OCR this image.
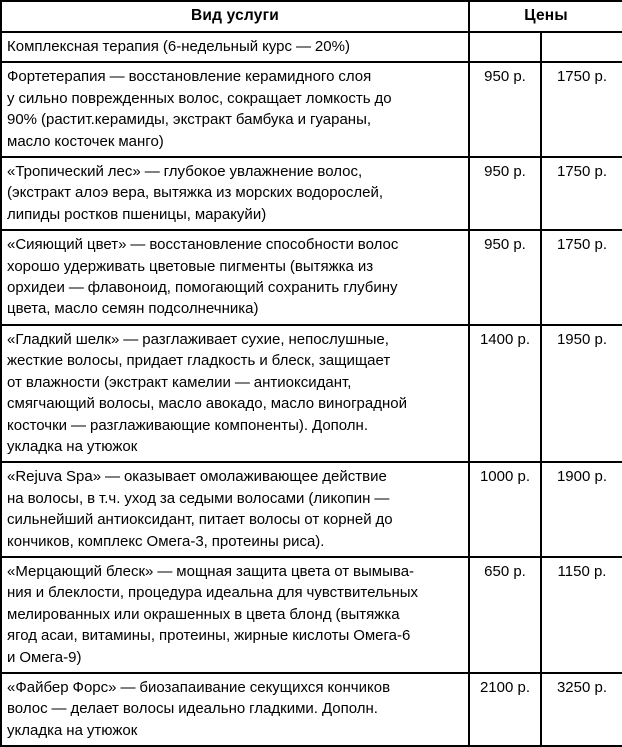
Вид услуги	Цены	

Комплексная терапия (6-недельный курс — 20%)		

Фортетерапия — восстановление керамидного слоя
у сильно поврежденных волос, сокращает ломкость до
90% (растит.керамиды, экстракт бамбука и гуараны,
масло косточек манго)	950 р.	1750 р.

«Тропический лес» — глубокое увлажнение волос,
(экстракт алоэ вера, вытяжка из морских водорослей,
липиды ростков пшеницы, маракуйи)	950 р.	1750 р.

«Сияющий цвет» — восстановление способности волос
хорошо удерживать цветовые пигменты (вытяжка из
орхидеи — флавоноид, помогающий сохранить глубину
цвета, масло семян подсолнечника)	950 р.	1750 р.

«Гладкий шелк» — разглаживает сухие, непослушные,
жесткие волосы, придает гладкость и блеск, защищает
от влажности (экстракт камелии — антиоксидант,
смягчающий волосы, масло авокадо, масло виноградной
косточки — разглаживающие компоненты). Дополн.
укладка на утюжок
	1400 р.	1950 р.

«Rejuva Spa» — оказывает омолаживающее действие
на волосы, в т.ч. уход за седыми волосами (ликопин —
сильнейший антиоксидант, питает волосы от корней до
кончиков, комплекс Омега-3, протеины риса).	1000 р.	1900 р.

«Мерцающий блеск» — мощная защита цвета от вымыва-
ния и блеклости, процедура идеальна для чувствительных
мелированных или окрашенных в цвета блонд (вытяжка
ягод асаи, витамины, протеины, жирные кислоты Омега-6
и Омега-9)	650 р.	1150 р.

«Файбер Форс» — биозапаивание секущихся кончиков
волос — делает волосы идеально гладкими. Дополн.
укладка на утюжок	2100 р.	3250 р.
